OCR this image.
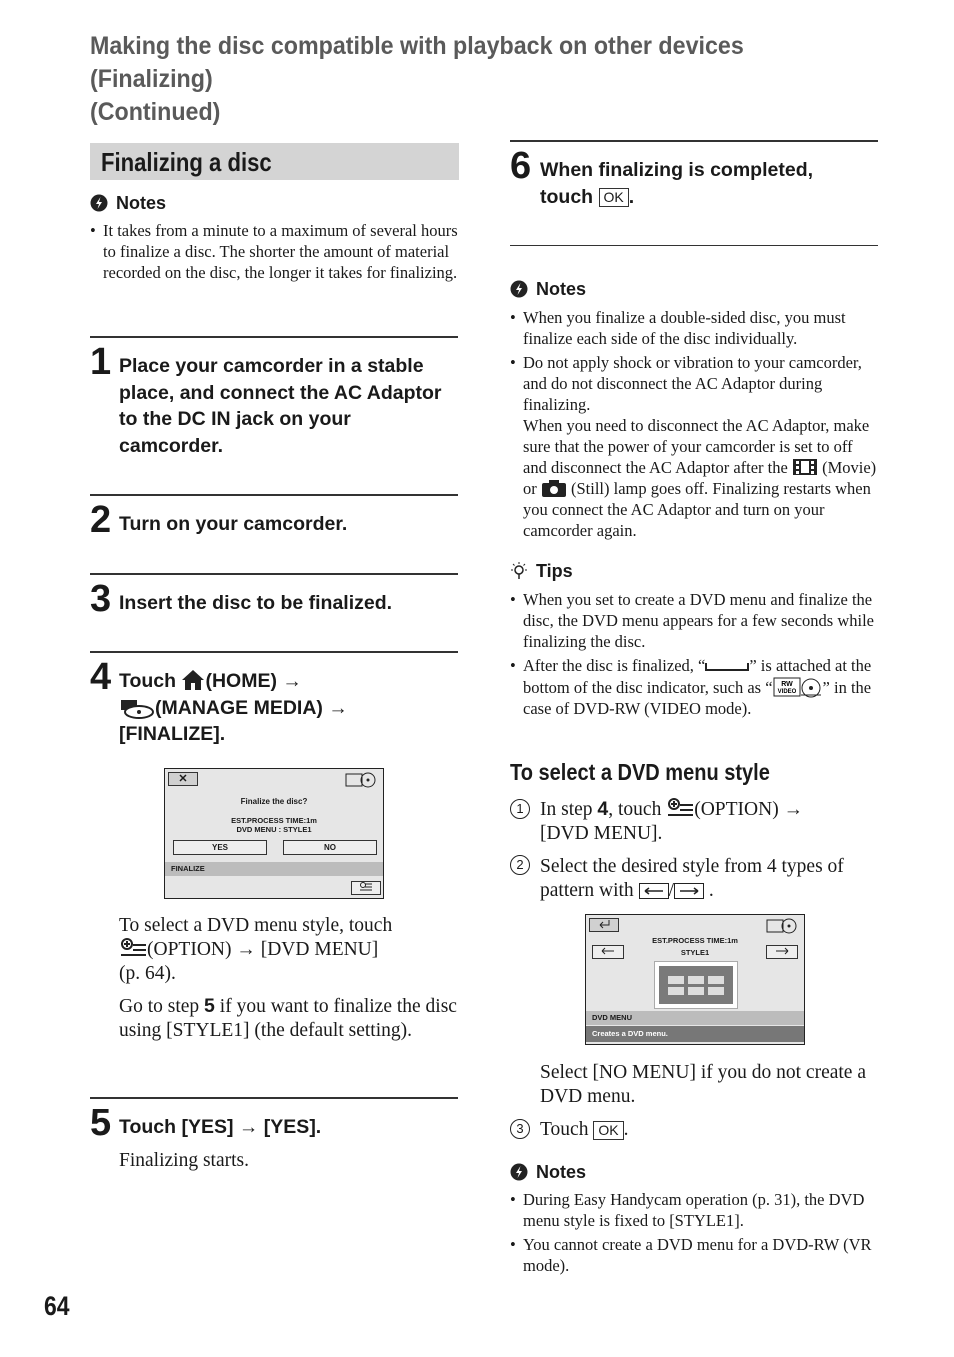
Making the disc compatible with playback on other devices (Finalizing)
(Continued)
Finalizing a disc
Notes
• It takes from a minute to a maximum of several hours to finalize a disc. The shorter the amount of material recorded on the disc, the longer it takes for finalizing.
1 Place your camcorder in a stable place, and connect the AC Adaptor to the DC IN jack on your camcorder.
2 Turn on your camcorder.
3 Insert the disc to be finalized.
4 Touch (HOME) →
(MANAGE MEDIA) →
[FINALIZE].
✕
Finalize the disc?
EST.PROCESS TIME:1m
DVD MENU : STYLE1
YES	NO
FINALIZE
To select a DVD menu style, touch
(OPTION) → [DVD MENU]
(p. 64).
Go to step 5 if you want to finalize the disc using [STYLE1] (the default setting).
5 Touch [YES] → [YES].
Finalizing starts.
6 When finalizing is completed,
touch OK .
Notes
• When you finalize a double-sided disc, you must finalize each side of the disc individually.
• Do not apply shock or vibration to your camcorder, and do not disconnect the AC Adaptor during finalizing.
When you need to disconnect the AC Adaptor, make sure that the power of your camcorder is set to off and disconnect the AC Adaptor after the (Movie) or (Still) lamp goes off. Finalizing restarts when you connect the AC Adaptor and turn on your camcorder again.
Tips
• When you set to create a DVD menu and finalize the disc, the DVD menu appears for a few seconds while finalizing the disc.
• After the disc is finalized, “	” is attached at the bottom of the disc indicator, such as “ RW
VIDEO ” in the case of DVD-RW (VIDEO mode).
To select a DVD menu style
1 In step 4, touch (OPTION) →
[DVD MENU].
2 Select the desired style from 4 types of pattern with / .
EST.PROCESS TIME:1m
STYLE1
DVD MENU
Creates a DVD menu.
Select [NO MENU] if you do not create a DVD menu.
3 Touch OK .
Notes
• During Easy Handycam operation (p. 31), the DVD menu style is fixed to [STYLE1].
• You cannot create a DVD menu for a DVD-RW (VR mode).
64
